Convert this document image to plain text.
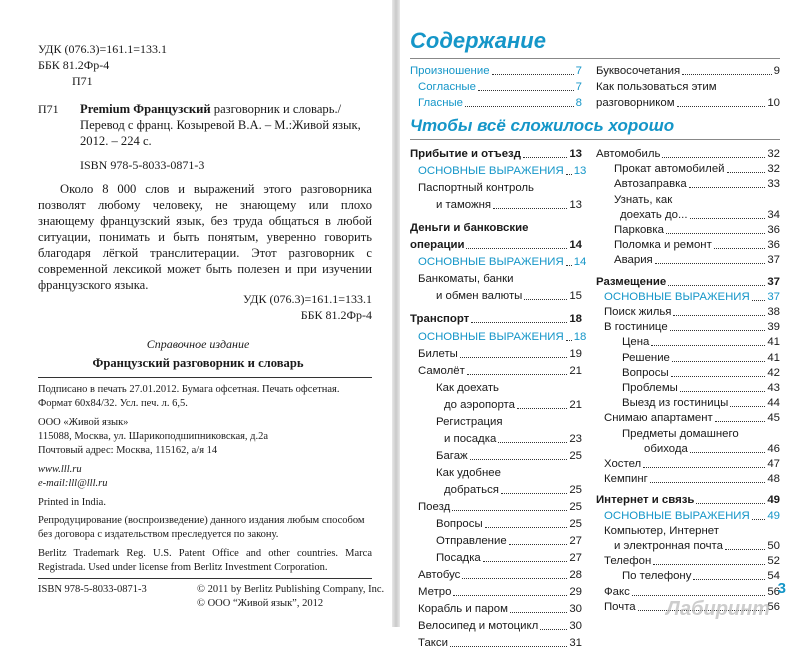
УДК (076.3)=161.1=133.1
ББК 81.2Фр-4
П71
П71 Premium Французский разговорник и словарь./ Перевод с франц. Козыревой В.А. – М.:Живой язык, 2012. – 224 с.
ISBN 978-5-8033-0871-3
Около 8 000 слов и выражений этого разговорника позволят любому человеку, не знающему или плохо знающему французский язык, без труда общаться в любой ситуации, понимать и быть понятым, уверенно говорить благодаря лёгкой транслитерации. Этот разговорник с современной лексикой может быть полезен и при изучении французского языка.
УДК (076.3)=161.1=133.1
ББК 81.2Фр-4
Справочное издание
Французский разговорник и словарь
Подписано в печать 27.01.2012. Бумага офсетная. Печать офсетная.
Формат 60х84/32. Усл. печ. л. 6,5.
ООО «Живой язык»
115088, Москва, ул. Шарикоподшипниковская, д.2а
Почтовый адрес: Москва, 115162, а/я 14
www.lll.ru
e-mail:lll@lll.ru
Printed in India.
Репродуцирование (воспроизведение) данного издания любым способом без договора с издательством преследуется по закону.
Berlitz Trademark Reg. U.S. Patent Office and other countries. Marca Registrada. Used under license from Berlitz Investment Corporation.
ISBN 978-5-8033-0871-3	© 2011 by Berlitz Publishing Company, Inc.
© ООО “Живой язык”, 2012
Содержание
Произношение	7
Согласные	7
Гласные	8
Буквосочетания	9
Как пользоваться этим
разговорником	10
Чтобы всё сложилось хорошо
Прибытие и отъезд	13
ОСНОВНЫЕ ВЫРАЖЕНИЯ 13
Паспортный контроль
и таможня	13
Деньги и банковские
операции	14
ОСНОВНЫЕ ВЫРАЖЕНИЯ 14
Банкоматы, банки
и обмен валюты	15
Транспорт	18
ОСНОВНЫЕ ВЫРАЖЕНИЯ 18
Билеты	19
Самолёт	21
Как доехать
до аэропорта	21
Регистрация
и посадка	23
Багаж	25
Как удобнее
добраться	25
Поезд	25
Вопросы	25
Отправление	27
Посадка	27
Автобус	28
Метро	29
Корабль и паром	30
Велосипед и мотоцикл	30
Такси	31
Автомобиль	32
Прокат автомобилей	32
Автозаправка	33
Узнать, как
доехать до...	34
Парковка	36
Поломка и ремонт	36
Авария	37
Размещение	37
ОСНОВНЫЕ ВЫРАЖЕНИЯ 37
Поиск жилья	38
В гостинице	39
Цена	41
Решение	41
Вопросы	42
Проблемы	43
Выезд из гостиницы	44
Снимаю апартамент	45
Предметы домашнего
обихода	46
Хостел	47
Кемпинг	48
Интернет и связь	49
ОСНОВНЫЕ ВЫРАЖЕНИЯ 49
Компьютер, Интернет
и электронная почта	50
Телефон	52
По телефону	54
Факс	56
Почта	56
3
Лабиринт
